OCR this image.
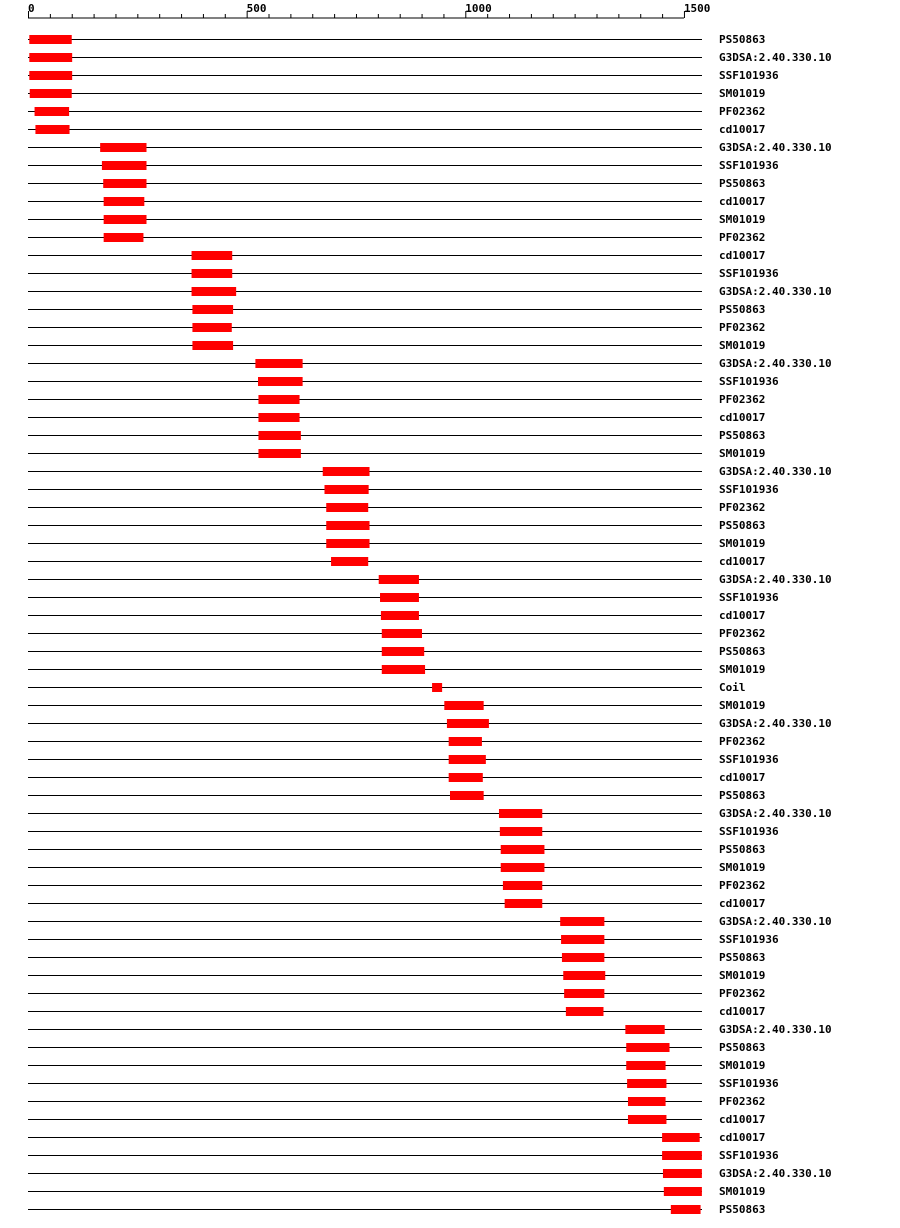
0	500	1000	1500
PS50863
G3DSA:2.40.330.10
SSF101936
SM01019
PF02362
cd10017
G3DSA:2.40.330.10
SSF101936
PS50863
cd10017
SM01019
PF02362
cd10017
SSF101936
G3DSA:2.40.330.10
PS50863
PF02362
SM01019
G3DSA:2.40.330.10
SSF101936
PF02362
cd10017
PS50863
SM01019
G3DSA:2.40.330.10
SSF101936
PF02362
PS50863
SM01019
cd10017
G3DSA:2.40.330.10
SSF101936
cd10017
PF02362
PS50863
SM01019
Coil
SM01019
G3DSA:2.40.330.10
PF02362
SSF101936
cd10017
PS50863
G3DSA:2.40.330.10
SSF101936
PS50863
SM01019
PF02362
cd10017
G3DSA:2.40.330.10
SSF101936
PS50863
SM01019
PF02362
cd10017
G3DSA:2.40.330.10
PS50863
SM01019
SSF101936
PF02362
cd10017
cd10017
SSF101936
G3DSA:2.40.330.10
SM01019
PS50863
